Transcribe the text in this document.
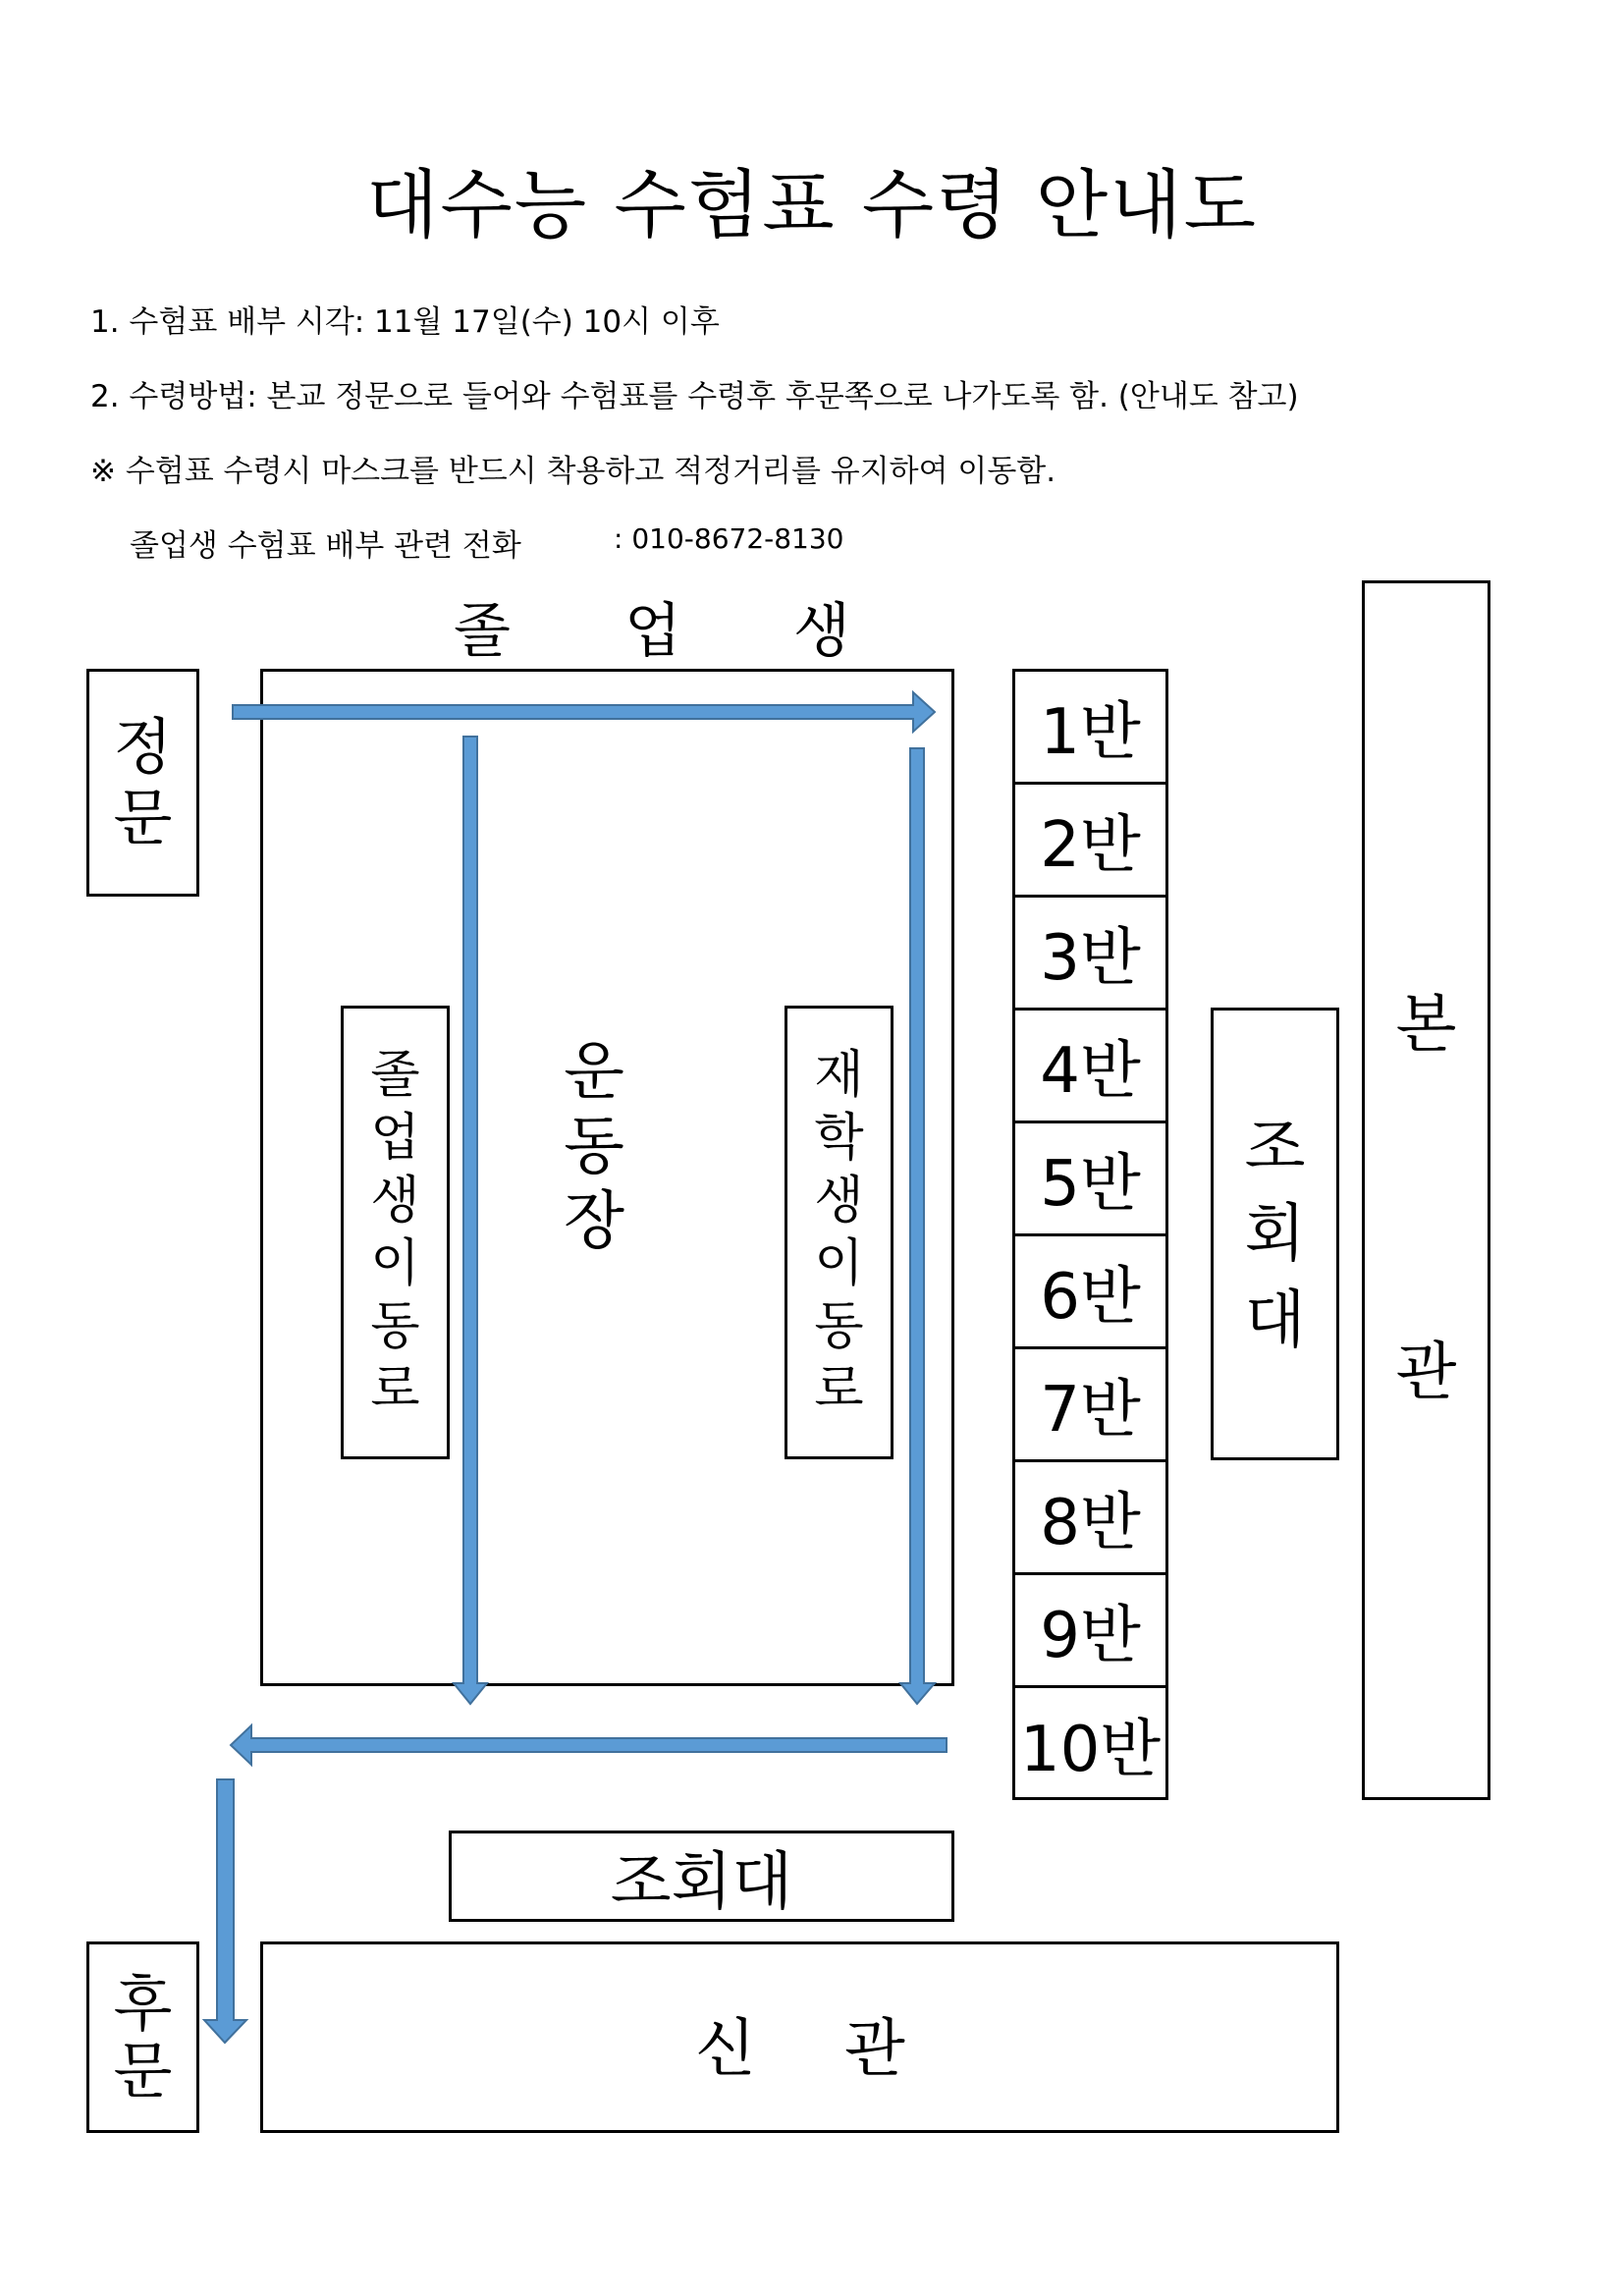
대수능 수험표 수령 안내도
1. 수험표 배부 시각: 11월 17일(수) 10시 이후
2. 수령방법: 본교 정문으로 들어와 수험표를 수령후 후문쪽으로 나가도록 함. (안내도 참고)
※ 수험표 수령시 마스크를 반드시 착용하고 적정거리를 유지하여 이동함.
졸업생 수험표 배부 관련 전화	: 010-8672-8130
졸 업 생
정
문
운
동
장
졸
업
생
이
동
로
재
학
생
이
동
로
1반
2반
3반
4반
5반
6반
7반
8반
9반
10반
조
회
대
본
관
조회대
후
문	신 관
